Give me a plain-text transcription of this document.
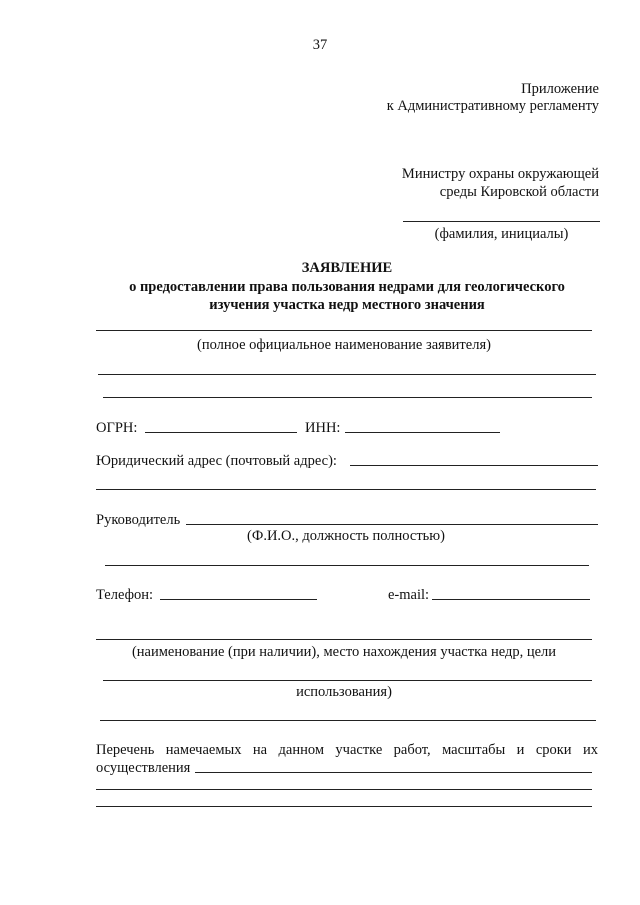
37
Приложение
к Административному регламенту
Министру охраны окружающей
среды Кировской области
(фамилия, инициалы)
ЗАЯВЛЕНИЕ
о предоставлении права пользования недрами для геологического
изучения участка недр местного значения
(полное официальное наименование заявителя)
ОГРН:	ИНН:
Юридический адрес (почтовый адрес):
Руководитель
(Ф.И.О., должность полностью)
Телефон:	e-mail:
(наименование (при наличии), место нахождения участка недр, цели
использования)
Перечень намечаемых на данном участке работ, масштабы и сроки их
осуществления
